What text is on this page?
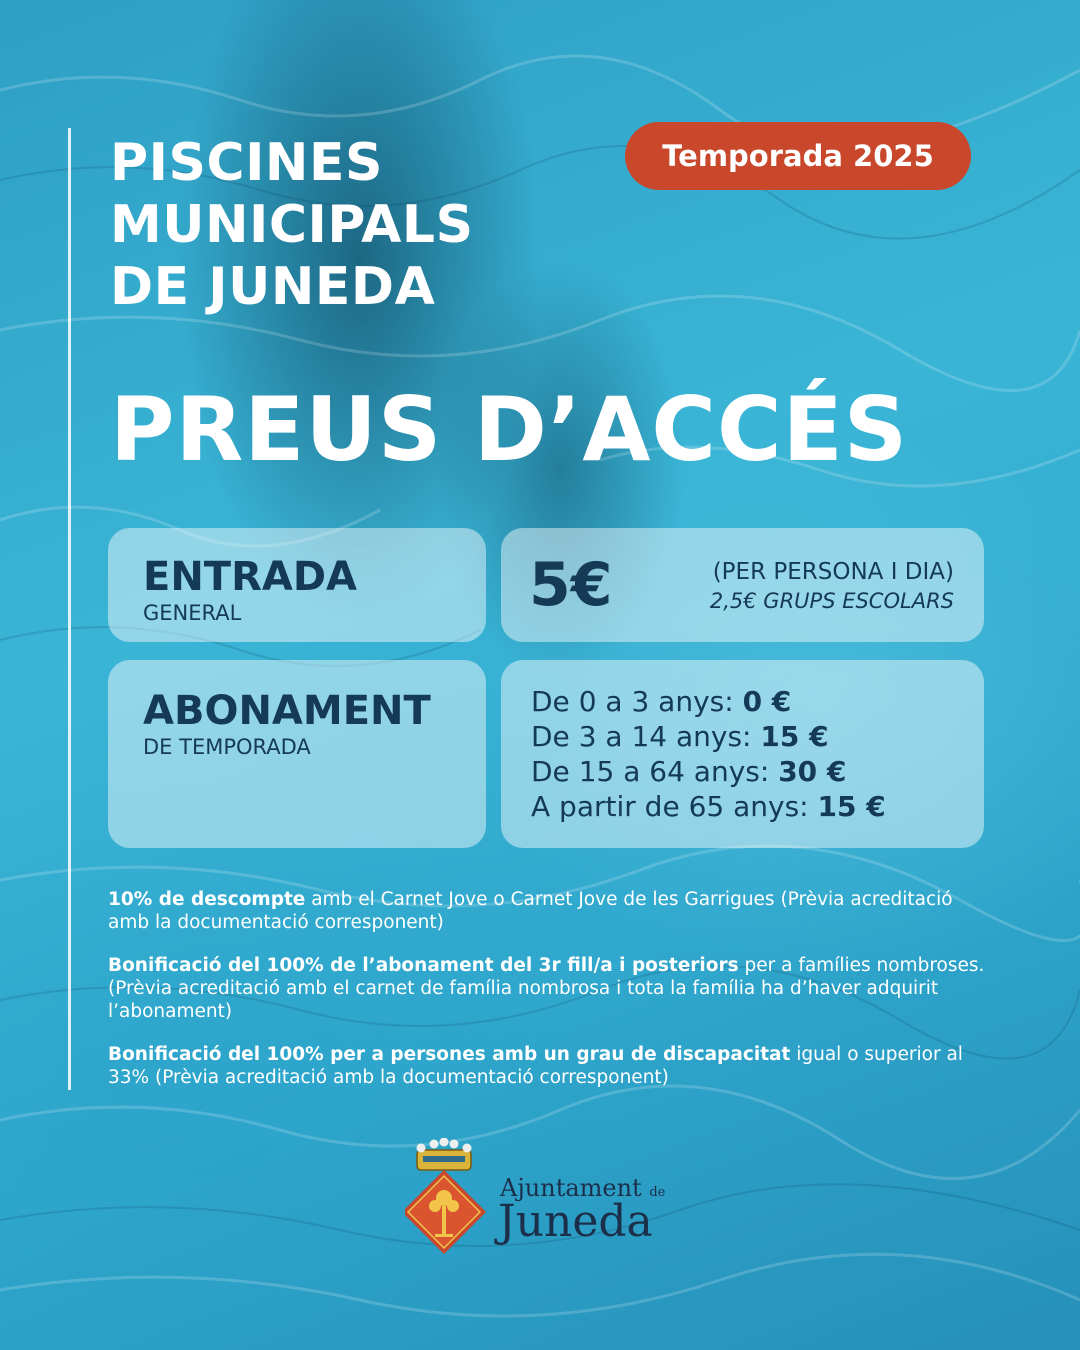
PISCINES
MUNICIPALS
DE JUNEDA
Temporada 2025
PREUS D’ACCÉS
ENTRADA
GENERAL	5€	(PER PERSONA I DIA)
2,5€ GRUPS ESCOLARS
ABONAMENT
DE TEMPORADA
De 0 a 3 anys: 0 €
De 3 a 14 anys: 15 €
De 15 a 64 anys: 30 €
A partir de 65 anys: 15 €

10% de descompte amb el Carnet Jove o Carnet Jove de les Garrigues (Prèvia acreditació amb la documentació corresponent)

Bonificació del 100% de l’abonament del 3r fill/a i posteriors per a famílies nombroses. (Prèvia acreditació amb el carnet de família nombrosa i tota la família ha d’haver adquirit l’abonament)

Bonificació del 100% per a persones amb un grau de discapacitat igual o superior al 33% (Prèvia acreditació amb la documentació corresponent)

Ajuntament de
Juneda
